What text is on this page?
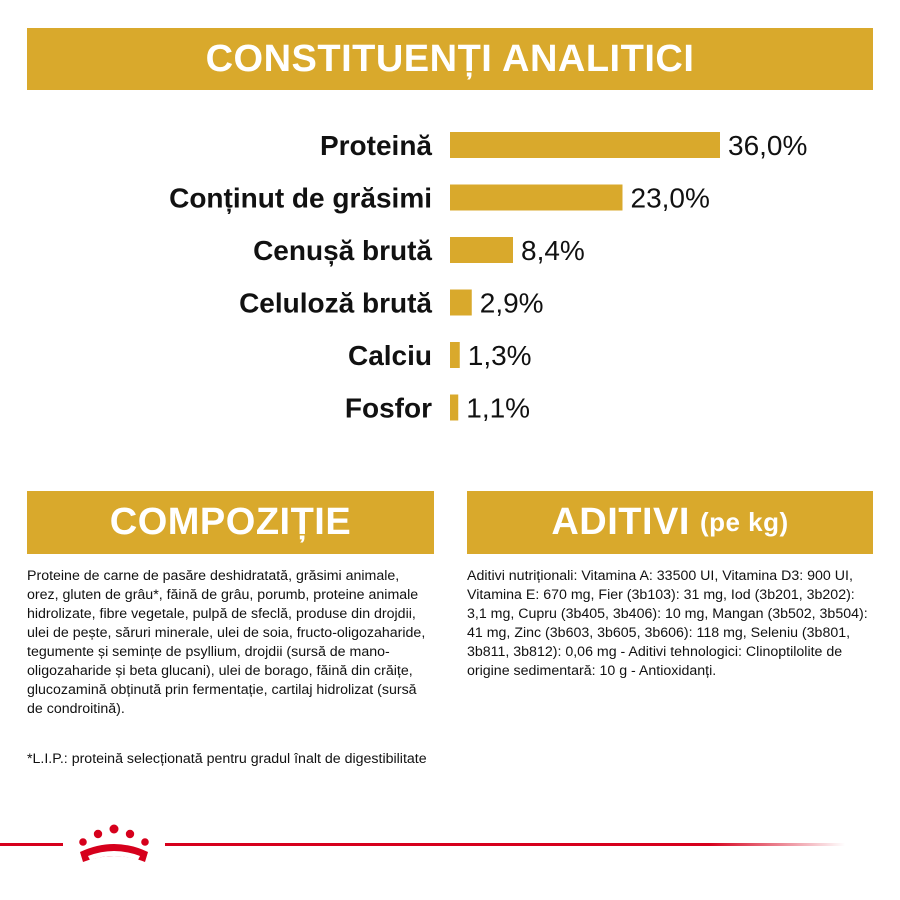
CONSTITUENȚI ANALITICI
Proteină	36,0%
Conținut de grăsimi	23,0%
Cenușă brută	8,4%
Celuloză brută 2,9%
Calciu 1,3%
Fosfor 1,1%
COMPOZIȚIE	ADITIVI (pe kg)
Proteine de carne de pasăre deshidratată, grăsimi animale, orez, gluten de grâu*, făină de grâu, porumb, proteine animale hidrolizate, fibre vegetale, pulpă de sfeclă, produse din drojdii, ulei de pește, săruri minerale, ulei de soia, fructo-oligozaharide, tegumente și semințe de psyllium, drojdii (sursă de mano-oligozaharide și beta glucani), ulei de borago, făină din crăițe, glucozamină obținută prin fermentație, cartilaj hidrolizat (sursă de condroitină).
*L.I.P.: proteină selecționată pentru gradul înalt de digestibilitate
Aditivi nutriționali: Vitamina A: 33500 UI, Vitamina D3: 900 UI, Vitamina E: 670 mg, Fier (3b103): 31 mg, Iod (3b201, 3b202): 3,1 mg, Cupru (3b405, 3b406): 10 mg, Mangan (3b502, 3b504): 41 mg, Zinc (3b603, 3b605, 3b606): 118 mg, Seleniu (3b801, 3b811, 3b812): 0,06 mg - Aditivi tehnologici: Clinoptilolite de origine sedimentară: 10 g - Antioxidanți.
